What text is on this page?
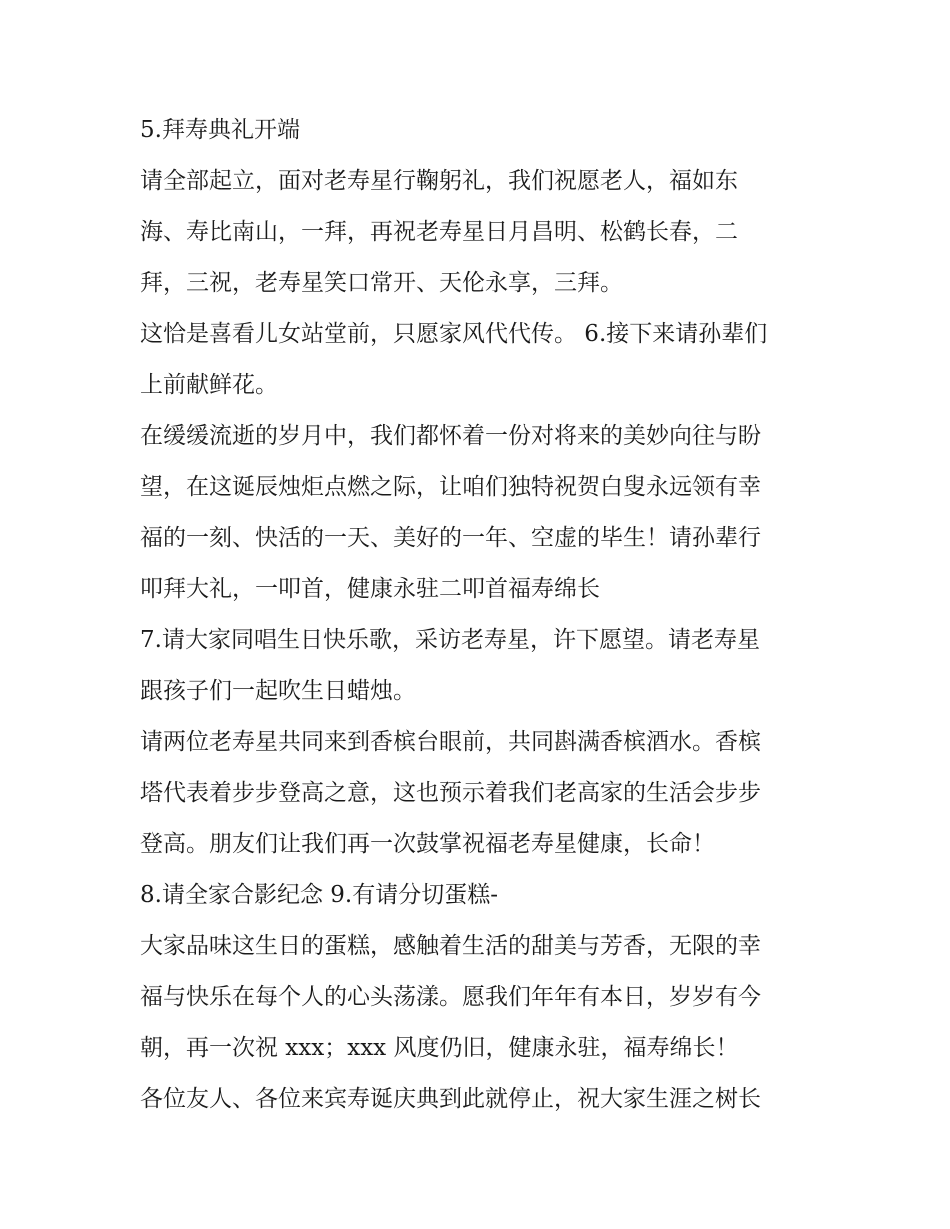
5.拜寿典礼开端
请全部起立，面对老寿星行鞠躬礼，我们祝愿老人，福如东
海、寿比南山，一拜，再祝老寿星日月昌明、松鹤长春，二
拜，三祝，老寿星笑口常开、天伦永享，三拜。
这恰是喜看儿女站堂前，只愿家风代代传。 6.接下来请孙辈们
上前献鲜花。
在缓缓流逝的岁月中，我们都怀着一份对将来的美妙向往与盼
望，在这诞辰烛炬点燃之际，让咱们独特祝贺白叟永远领有幸
福的一刻、快活的一天、美好的一年、空虚的毕生！请孙辈行
叩拜大礼，一叩首，健康永驻二叩首福寿绵长
7.请大家同唱生日快乐歌，采访老寿星，许下愿望。请老寿星
跟孩子们一起吹生日蜡烛。
请两位老寿星共同来到香槟台眼前，共同斟满香槟酒水。香槟
塔代表着步步登高之意，这也预示着我们老高家的生活会步步
登高。朋友们让我们再一次鼓掌祝福老寿星健康，长命！
8.请全家合影纪念 9.有请分切蛋糕-
大家品味这生日的蛋糕，感触着生活的甜美与芳香，无限的幸
福与快乐在每个人的心头荡漾。愿我们年年有本日，岁岁有今
朝，再一次祝 xxx；xxx 风度仍旧，健康永驻，福寿绵长！
各位友人、各位来宾寿诞庆典到此就停止，祝大家生涯之树长
